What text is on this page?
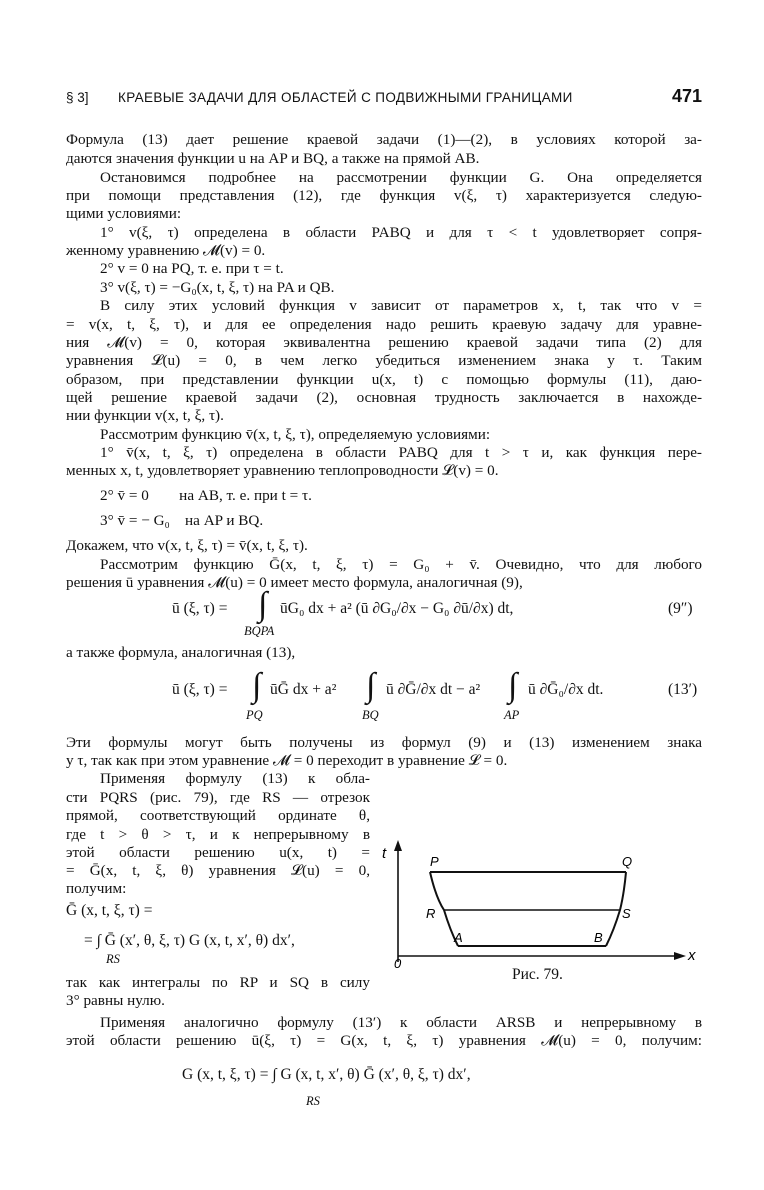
§ 3] КРАЕВЫЕ ЗАДАЧИ ДЛЯ ОБЛАСТЕЙ С ПОДВИЖНЫМИ ГРАНИЦАМИ	471
Формула (13) дает решение краевой задачи (1)—(2), в условиях которой за-
даются значения функции u на AP и BQ, а также на прямой AB.
Остановимся подробнее на рассмотрении функции G. Она определяется
при помощи представления (12), где функция v(ξ, τ) характеризуется следую-
щими условиями:
1° v(ξ, τ) определена в области PABQ и для τ < t удовлетворяет сопря-
женному уравнению 𝓜(v) = 0.
2° v = 0 на PQ, т. е. при τ = t.
3° v(ξ, τ) = −G₀(x, t, ξ, τ) на PA и QB.
В силу этих условий функция v зависит от параметров x, t, так что v =
= v(x, t, ξ, τ), и для ее определения надо решить краевую задачу для уравне-
ния 𝓜(v) = 0, которая эквивалентна решению краевой задачи типа (2) для
уравнения 𝓛(u) = 0, в чем легко убедиться изменением знака у τ. Таким
образом, при представлении функции u(x, t) с помощью формулы (11), даю-
щей решение краевой задачи (2), основная трудность заключается в нахожде-
нии функции v(x, t, ξ, τ).
Рассмотрим функцию v̄(x, t, ξ, τ), определяемую условиями:
1° v̄(x, t, ξ, τ) определена в области PABQ для t > τ и, как функция пере-
менных x, t, удовлетворяет уравнению теплопроводности 𝓛(v) = 0.
2° v̄ = 0        на AB, т. е. при t = τ.
3° v̄ = − G₀    на AP и BQ.
Докажем, что v(x, t, ξ, τ) = v̄(x, t, ξ, τ).
Рассмотрим функцию Ḡ(x, t, ξ, τ) = G₀ + v̄. Очевидно, что для любого
решения ū уравнения 𝓜(u) = 0 имеет место формула, аналогичная (9),
ū (ξ, τ) = ∫ ūG₀ dx + a² (ū ∂G₀/∂x − G₀ ∂ū/∂x) dt,
BQPA
(9″)
а также формула, аналогичная (13),
ū (ξ, τ) = ∫ ūḠ dx + a² ∫ ū ∂Ḡ/∂x dt − a² ∫ ū ∂Ḡ₀/∂x dt.
PQ	BQ	AP
(13′)
Эти формулы могут быть получены из формул (9) и (13) изменением знака
у τ, так как при этом уравнение 𝓜 = 0 переходит в уравнение 𝓛 = 0.
Применяя формулу (13) к обла-
сти PQRS (рис. 79), где RS — отрезок
прямой, соответствующий ординате θ,
где t > θ > τ, и к непрерывному в
этой области решению u(x, t) =
= Ḡ(x, t, ξ, θ) уравнения 𝓛(u) = 0,
получим:
Ḡ (x, t, ξ, τ) =
= ∫ Ḡ (x′, θ, ξ, τ) G (x, t, x′, θ) dx′,
RS
так как интегралы по RP и SQ в силу
3° равны нулю.
t	P	Q
R	S
A	B
0	x
Рис. 79.
Применяя аналогично формулу (13′) к области ARSB и непрерывному в
этой области решению ū(ξ, τ) = G(x, t, ξ, τ) уравнения 𝓜(u) = 0, получим:
G (x, t, ξ, τ) = ∫ G (x, t, x′, θ) Ḡ (x′, θ, ξ, τ) dx′,
RS
